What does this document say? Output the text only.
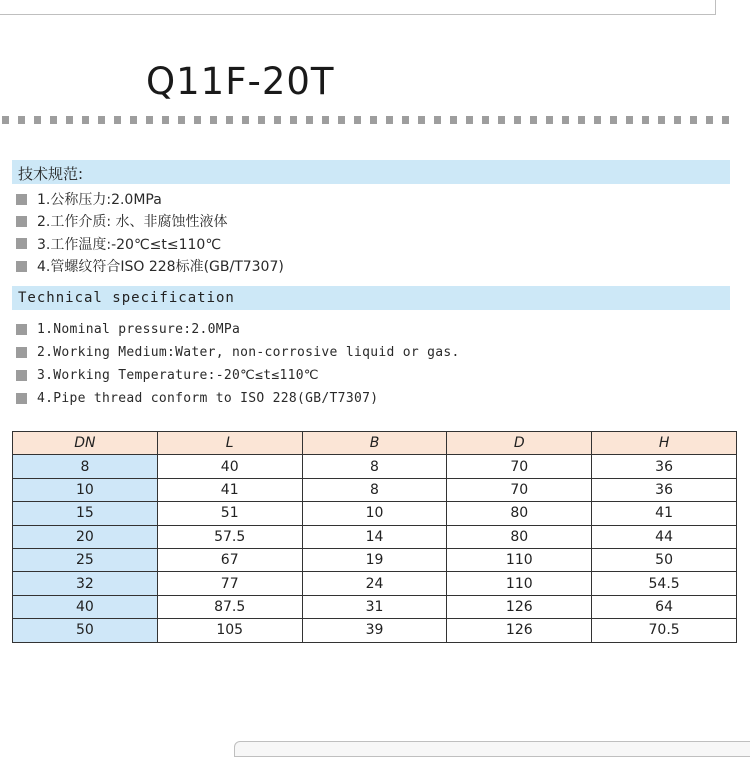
Q11F-20T
技术规范:
1.公称压力:2.0MPa
2.工作介质: 水、非腐蚀性液体
3.工作温度:-20℃≤t≤110℃
4.管螺纹符合ISO 228标准(GB/T7307)
Technical specification
1.Nominal pressure:2.0MPa
2.Working Medium:Water, non-corrosive liquid or gas.
3.Working Temperature:-20℃≤t≤110℃
4.Pipe thread conform to ISO 228(GB/T7307)
DN	L	B	D	H
8	40	8	70	36
10	41	8	70	36
15	51	10	80	41
20	57.5	14	80	44
25	67	19	110	50
32	77	24	110	54.5
40	87.5	31	126	64
50	105	39	126	70.5
